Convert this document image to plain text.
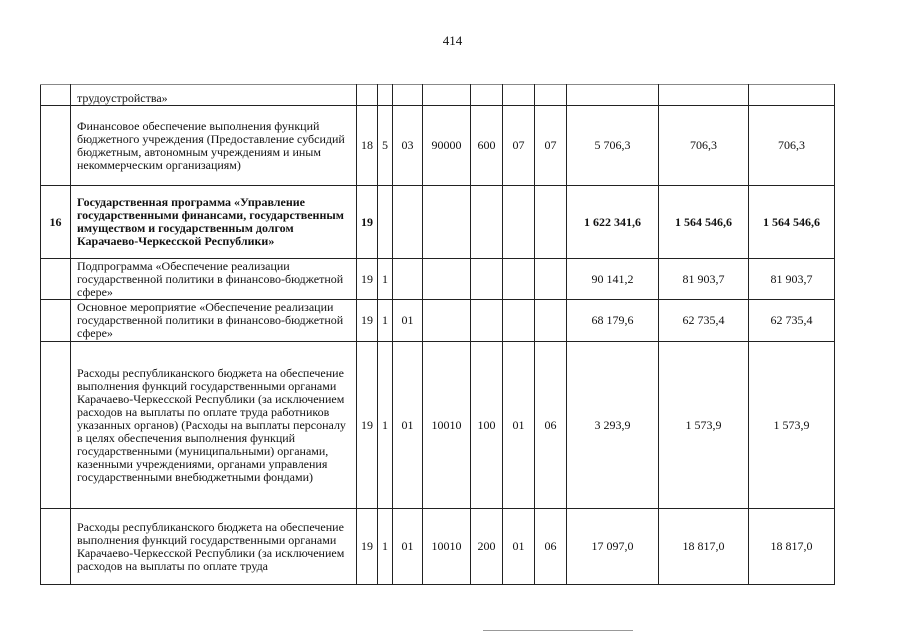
414
	трудоустройства»										
	Финансовое обеспечение выполнения функций бюджетного учреждения (Предоставление субсидий бюджетным, автономным учреждениям и иным некоммерческим организациям)	18	5	03	90000	600	07	07	5 706,3	706,3	706,3
16	Государственная программа «Управление государственными финансами, государственным имуществом и государственным долгом Карачаево-Черкесской Республики»	19							1 622 341,6	1 564 546,6	1 564 546,6
	Подпрограмма «Обеспечение реализации государственной политики в финансово-бюджетной сфере»	19	1						90 141,2	81 903,7	81 903,7
	Основное мероприятие «Обеспечение реализации государственной политики в финансово-бюджетной сфере»	19	1	01					68 179,6	62 735,4	62 735,4
	Расходы республиканского бюджета на обеспечение выполнения функций государственными органами Карачаево-Черкесской Республики (за исключением расходов на выплаты по оплате труда работников указанных органов) (Расходы на выплаты персоналу в целях обеспечения выполнения функций государственными (муниципальными) органами, казенными учреждениями, органами управления государственными внебюджетными фондами)	19	1	01	10010	100	01	06	3 293,9	1 573,9	1 573,9
	Расходы республиканского бюджета на обеспечение выполнения функций государственными органами Карачаево-Черкесской Республики (за исключением расходов на выплаты по оплате труда	19	1	01	10010	200	01	06	17 097,0	18 817,0	18 817,0
